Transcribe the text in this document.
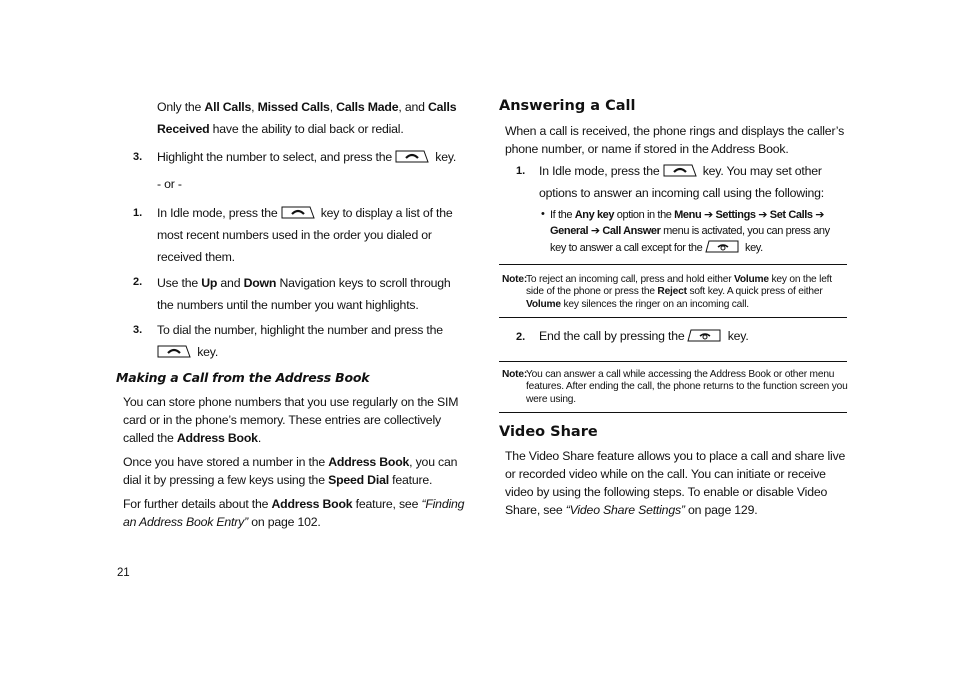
Only the All Calls, Missed Calls, Calls Made, and Calls Received have the ability to dial back or redial.
3. Highlight the number to select, and press the	key.
- or -
1. In Idle mode, press the	key to display a list of the most recent numbers used in the order you dialed or received them.
2. Use the Up and Down Navigation keys to scroll through the numbers until the number you want highlights.
3. To dial the number, highlight the number and press the

key.
Making a Call from the Address Book
You can store phone numbers that you use regularly on the SIM card or in the phone’s memory. These entries are collectively called the Address Book.
Once you have stored a number in the Address Book, you can dial it by pressing a few keys using the Speed Dial feature.
For further details about the Address Book feature, see “Finding an Address Book Entry” on page 102.
21
Answering a Call
When a call is received, the phone rings and displays the caller’s phone number, or name if stored in the Address Book.
1. In Idle mode, press the	key. You may set other options to answer an incoming call using the following:
• If the Any key option in the Menu ➔ Settings ➔ Set Calls ➔ General ➔ Call Answer menu is activated, you can press any key to answer a call except for the	key.
Note:
To reject an incoming call, press and hold either Volume key on the left side of the phone or press the Reject soft key. A quick press of either Volume key silences the ringer on an incoming call.
2. End the call by pressing the	key.
Note:
You can answer a call while accessing the Address Book or other menu features. After ending the call, the phone returns to the function screen you were using.
Video Share
The Video Share feature allows you to place a call and share live or recorded video while on the call. You can initiate or receive video by using the following steps. To enable or disable Video Share, see “Video Share Settings” on page 129.
